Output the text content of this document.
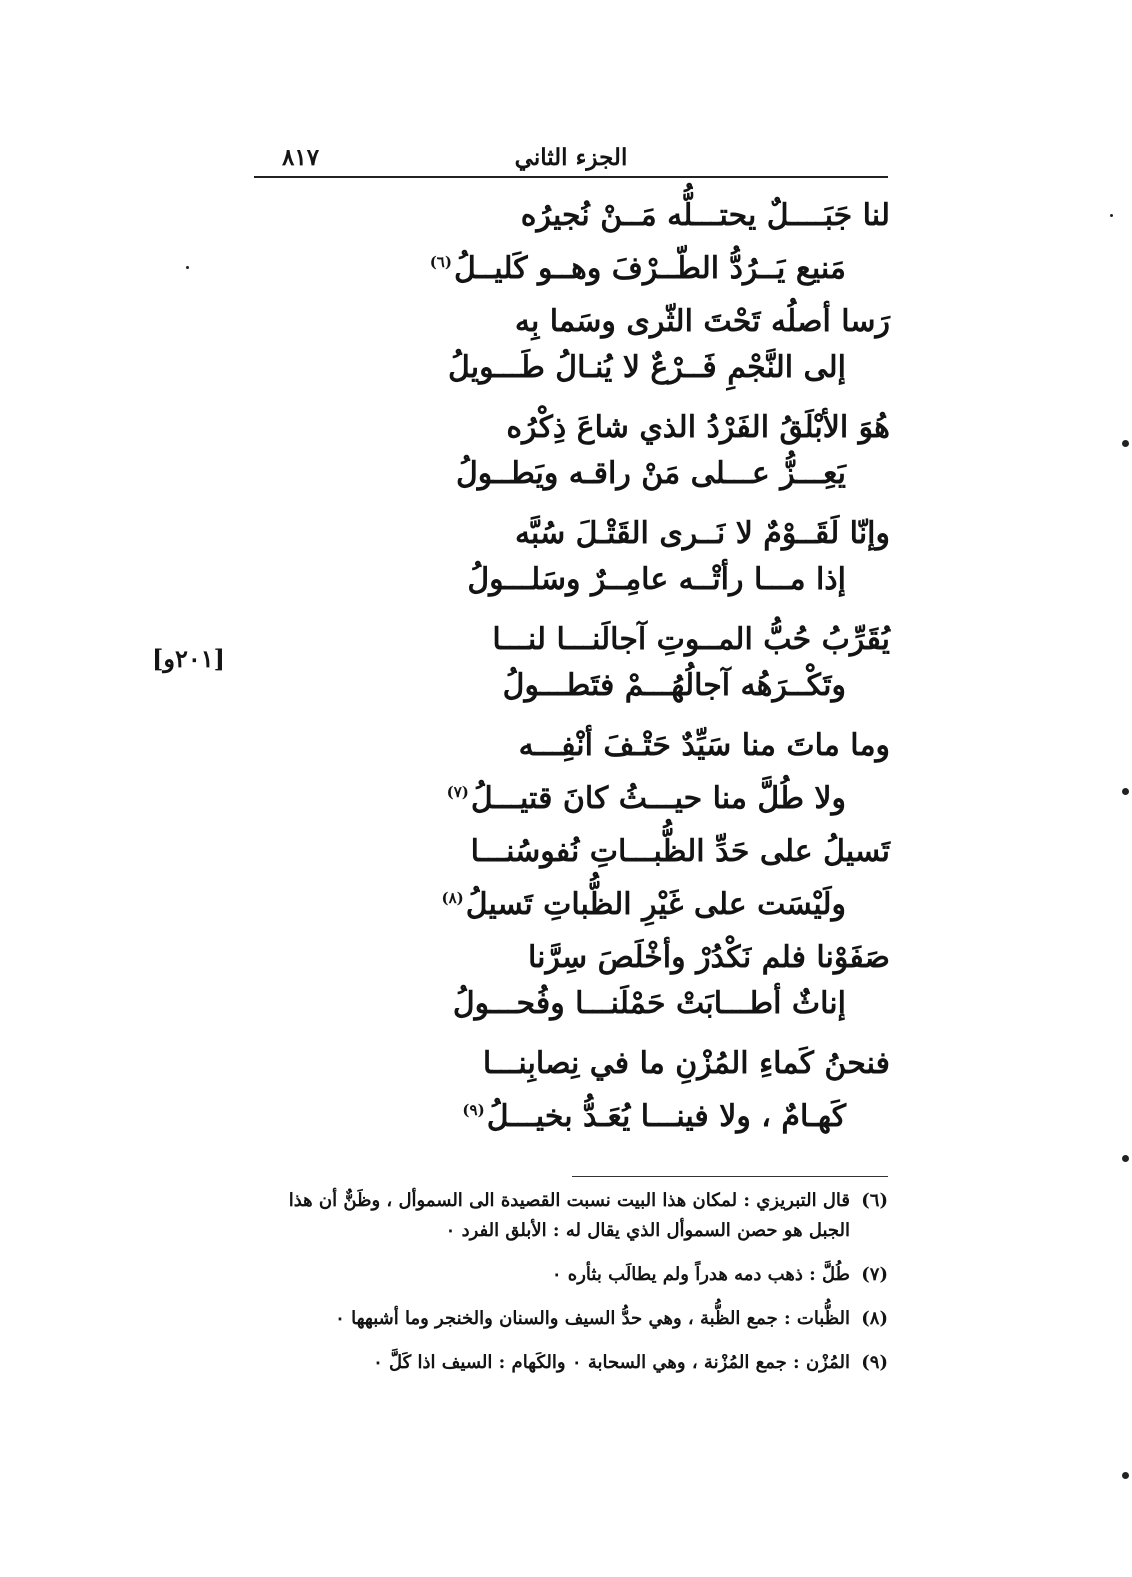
٨١٧	الجزء الثاني
لنا جَبَــــلٌ يحتـــلُّه مَــنْ نُجيرُه
مَنيع يَــرُدُّ الطّــرْفَ وهــو كَليــلُ$^{(٦)}$
رَسا أصلُه تَحْتَ الثّرى وسَما بِه
إلى النَّجْمِ فَــرْعٌ لا يُنـالُ طَـــويلُ
هُوَ الأبْلَقُ الفَرْدُ الذي شاعَ ذِكْرُه
يَعِـــزُّ عـــلى مَنْ راقـه ويَطــولُ
وإنّا لَقَــوْمٌ لا نَــرى القَتْـلَ سُبَّه
إذا مـــا رأتْــه عامِــرٌ وسَلـــولُ
يُقَرِّبُ حُبُّ المــوتِ آجالَنـــا لنـــا
وتَكْــرَهُه آجالُهُـــمْ فتَطـــولُ
وما ماتَ منا سَيِّدٌ حَتْـفَ أنْفِـــه
ولا طُلَّ منا حيـــثُ كانَ قتيـــلُ$^{(٧)}$
تَسيلُ على حَدِّ الظُّبـــاتِ نُفوسُنـــا
ولَيْسَت على غَيْرِ الظُّباتِ تَسيلُ$^{(٨)}$
صَفَوْنا فلم نَكْدُرْ وأخْلَصَ سِرَّنا
إناثٌ أطـــابَتْ حَمْلَنـــا وفُحـــولُ
فنحنُ كَماءِ المُزْنِ ما في نِصابِنـــا
كَهـامٌ ، ولا فينـــا يُعَـدُّ بخيـــلُ$^{(٩)}$
[٢٠١و]
(٦)
قال التبريزي : لمكان هذا البيت نسبت القصيدة الى السموأل ، وظَنٌّ أن هذا الجبل هو حصن السموأل الذي يقال له : الأبلق الفرد ٠
(٧)
طُلَّ : ذهب دمه هدراً ولم يطالَب بثأره ٠
(٨)
الظُّبات : جمع الظُّبة ، وهي حدُّ السيف والسنان والخنجر وما أشبهها ٠
(٩)
المُزْن : جمع المُزْنة ، وهي السحابة ٠ والكَهام : السيف اذا كَلَّ ٠
